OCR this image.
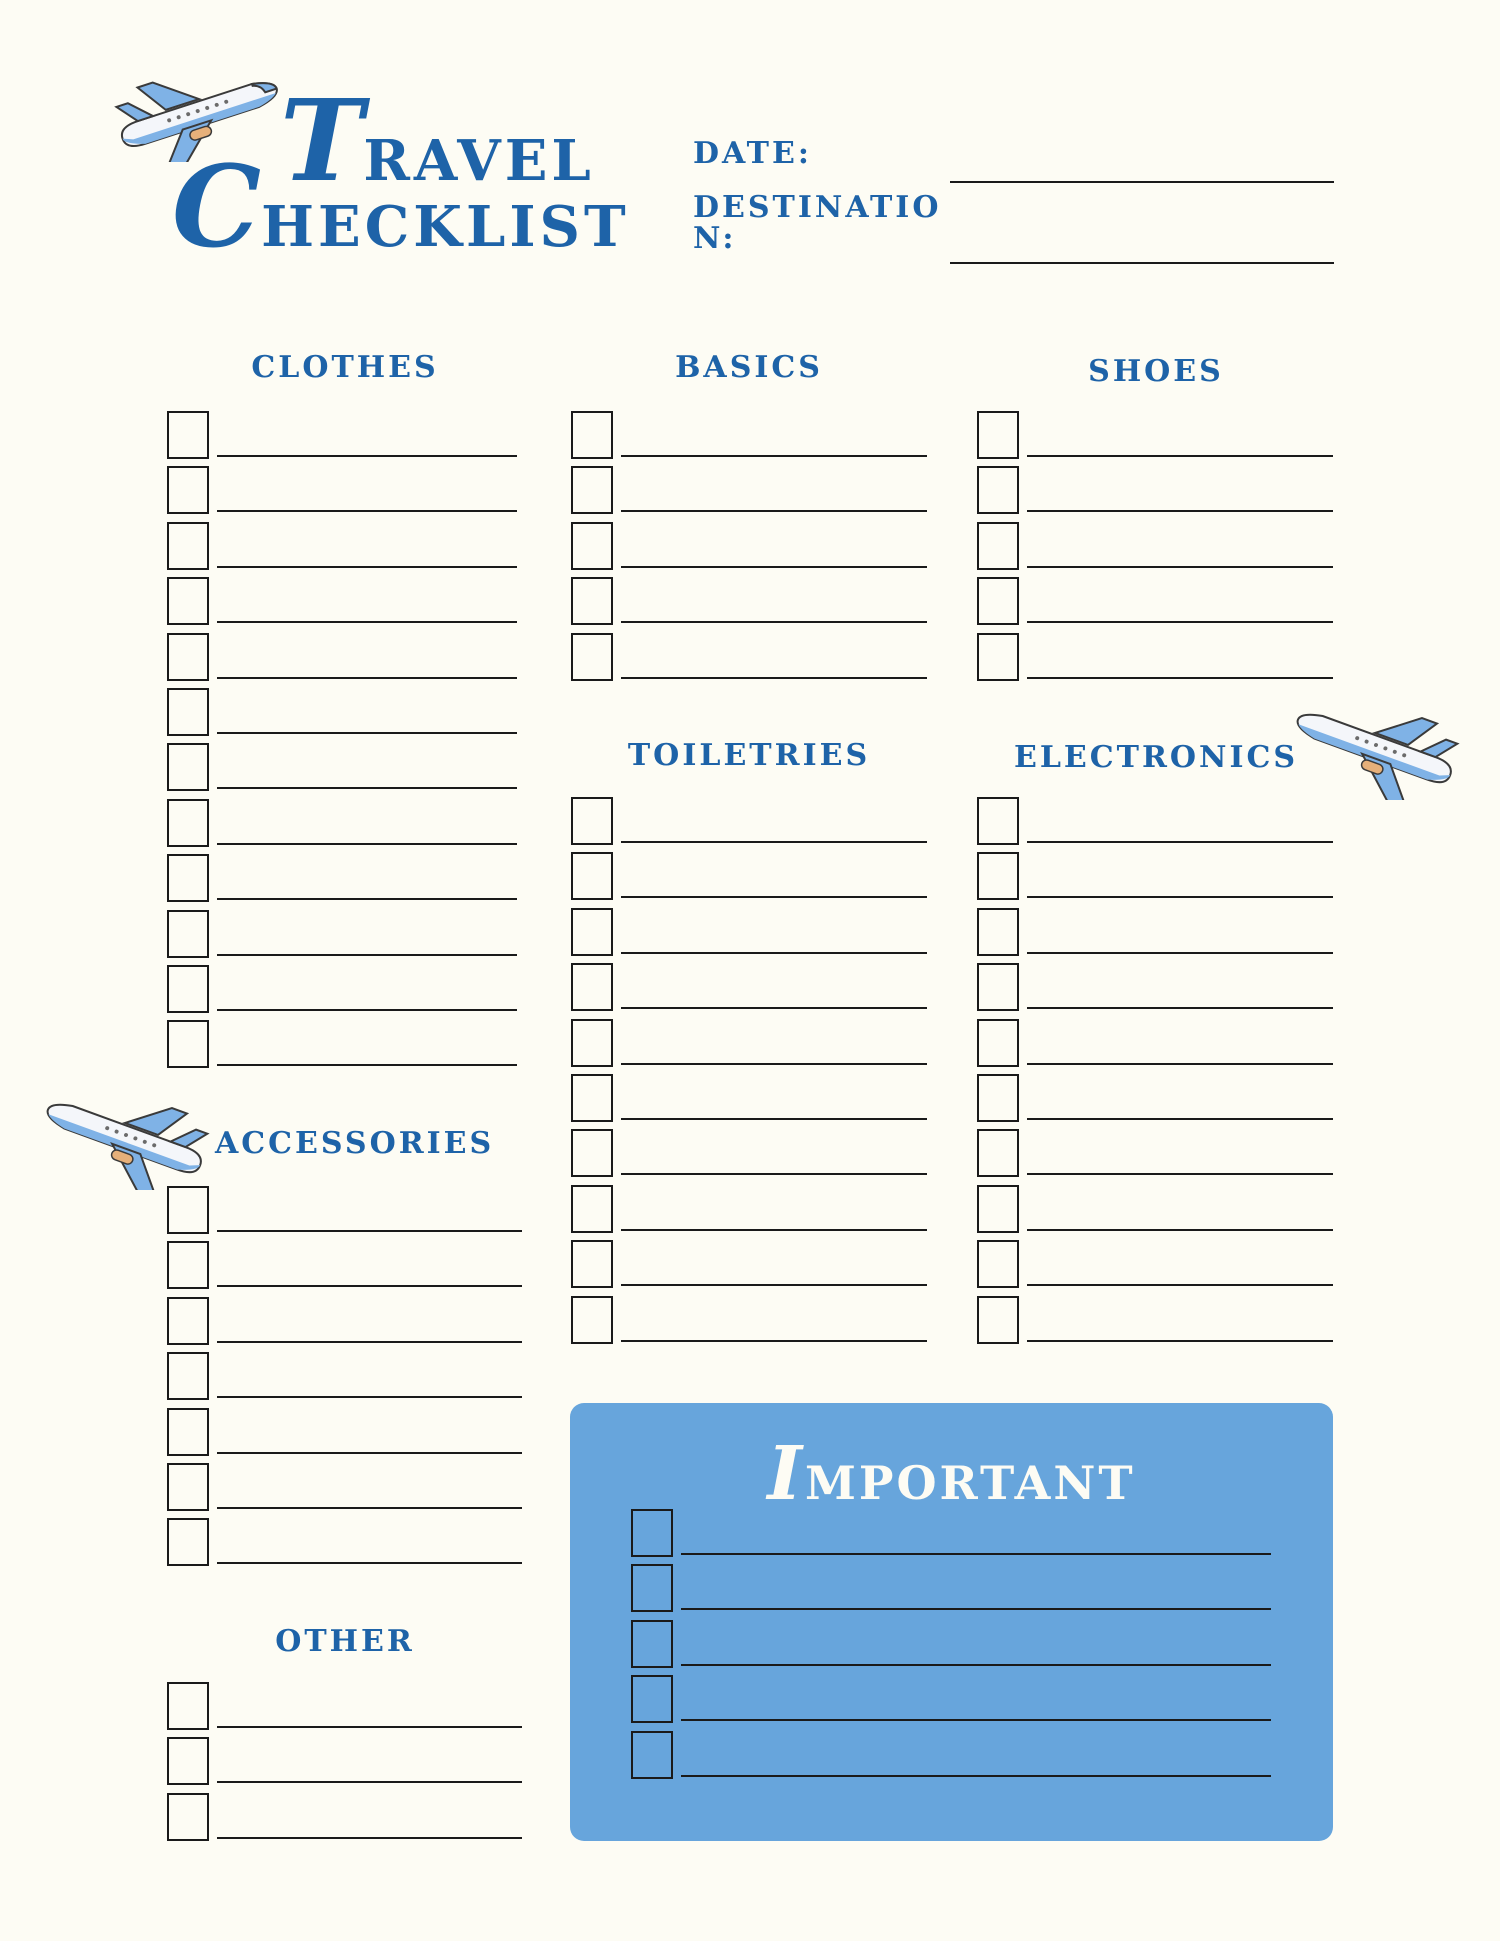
TRAVEL
CHECKLIST
DATE:
DESTINATIO
N:
CLOTHES	BASICS	SHOES
TOILETRIES	ELECTRONICS
ACCESSORIES
OTHER
IMPORTANT
